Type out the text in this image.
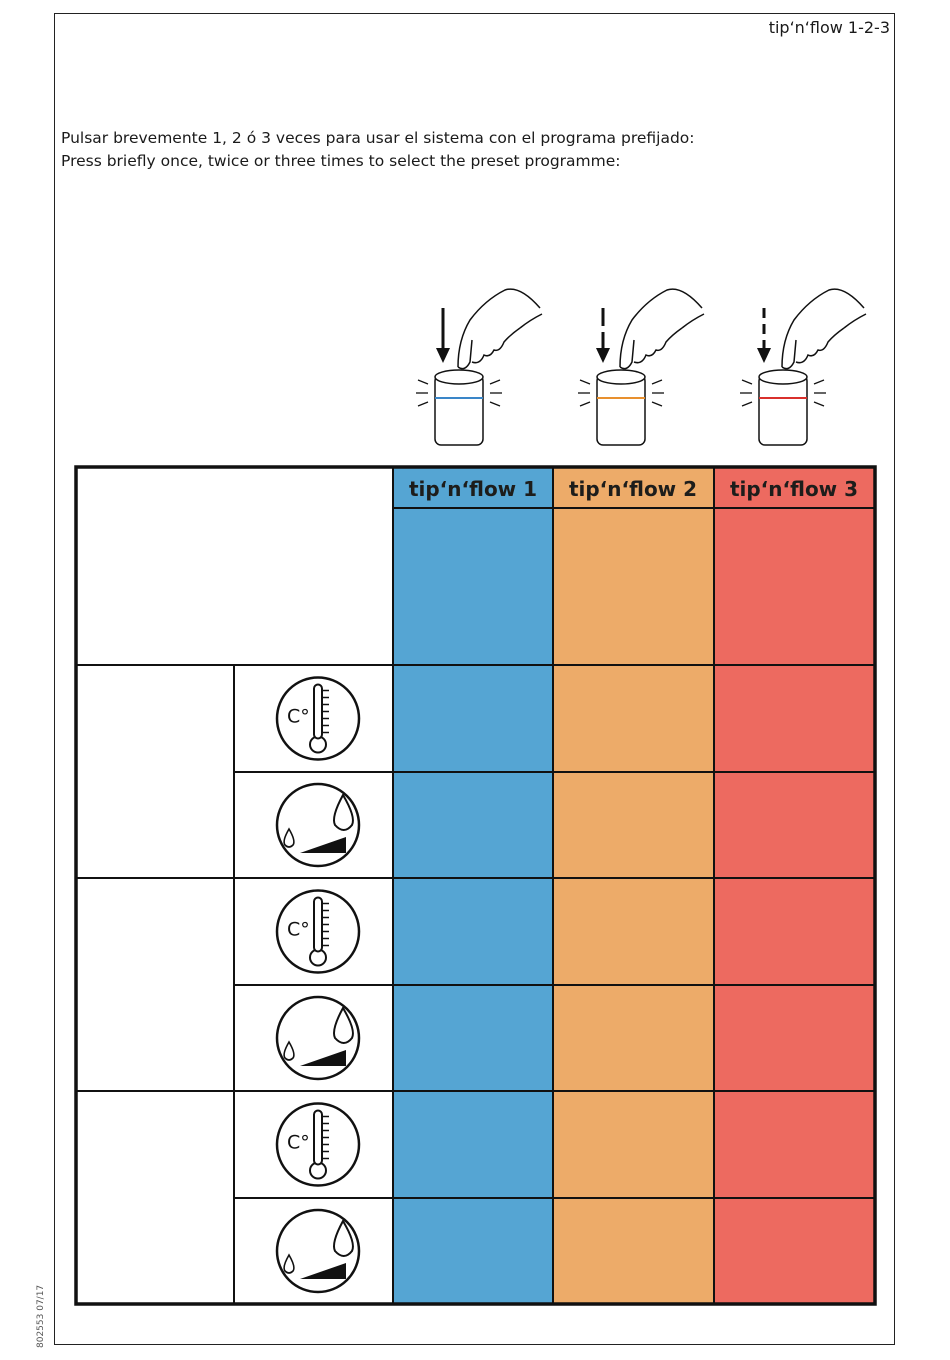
tip‘n‘flow 1-2-3
Pulsar brevemente 1, 2 ó 3 veces para usar el sistema con el programa prefijado:
Press briefly once, twice or three times to select the preset programme:
802553 07/17
C°
C°
C°
tip‘n‘flow 1	tip‘n‘flow 2	tip‘n‘flow 3
